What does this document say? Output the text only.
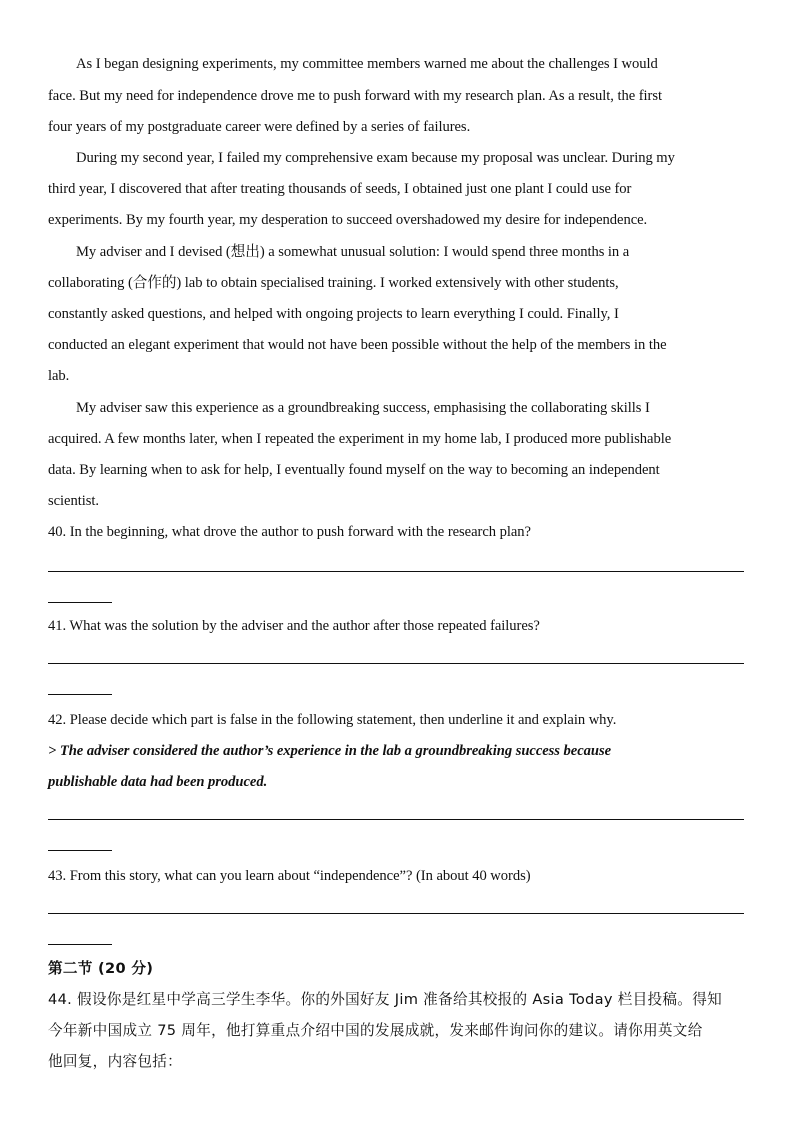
As I began designing experiments, my committee members warned me about the challenges I would
face. But my need for independence drove me to push forward with my research plan. As a result, the first
four years of my postgraduate career were defined by a series of failures.
During my second year, I failed my comprehensive exam because my proposal was unclear. During my
third year, I discovered that after treating thousands of seeds, I obtained just one plant I could use for
experiments. By my fourth year, my desperation to succeed overshadowed my desire for independence.
My adviser and I devised (想出) a somewhat unusual solution: I would spend three months in a
collaborating (合作的) lab to obtain specialised training. I worked extensively with other students,
constantly asked questions, and helped with ongoing projects to learn everything I could. Finally, I
conducted an elegant experiment that would not have been possible without the help of the members in the
lab.
My adviser saw this experience as a groundbreaking success, emphasising the collaborating skills I
acquired. A few months later, when I repeated the experiment in my home lab, I produced more publishable
data. By learning when to ask for help, I eventually found myself on the way to becoming an independent
scientist.
40. In the beginning, what drove the author to push forward with the research plan?
41. What was the solution by the adviser and the author after those repeated failures?
42. Please decide which part is false in the following statement, then underline it and explain why.
> The adviser considered the author’s experience in the lab a groundbreaking success because
publishable data had been produced.
43. From this story, what can you learn about “independence”? (In about 40 words)
第二节 (20 分)
44. 假设你是红星中学高三学生李华。你的外国好友 Jim 准备给其校报的 Asia Today 栏目投稿。得知
今年新中国成立 75 周年，他打算重点介绍中国的发展成就，发来邮件询问你的建议。请你用英文给
他回复，内容包括：
